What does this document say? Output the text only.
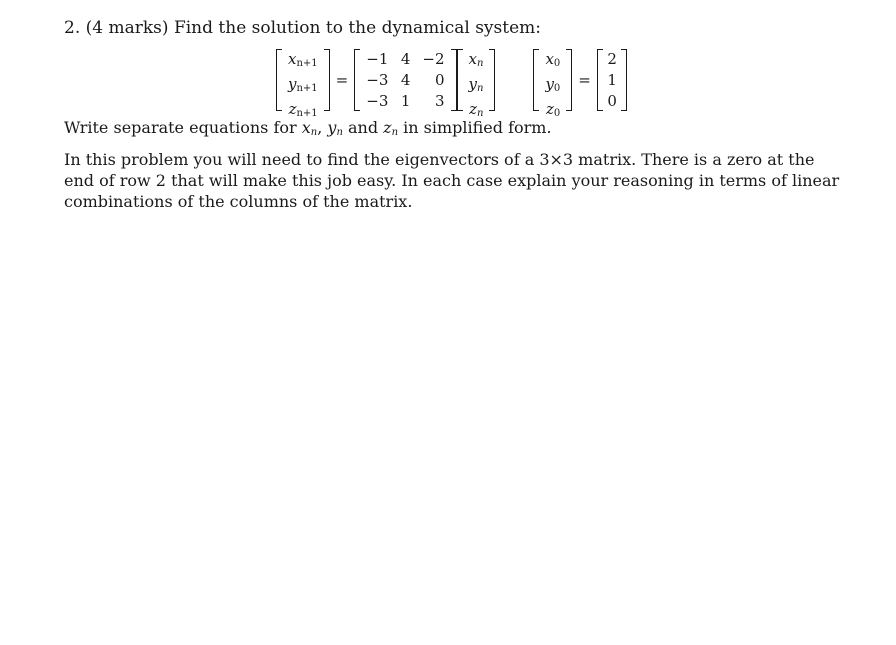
2. (4 marks) Find the solution to the dynamical system:
$x_{n+1}$
$y_{n+1}$
$z_{n+1}$
=
−1
−3
−3
4
4
1
−2
0
3
$x_n$
$y_n$
$z_n$
$x_0$
$y_0$
$z_0$
=
2
1
0
Write separate equations for $x_n$, $y_n$ and $z_n$ in simplified form.
In this problem you will need to find the eigenvectors of a 3×3 matrix. There is a zero at the end of row 2 that will make this job easy. In each case explain your reasoning in terms of linear combinations of the columns of the matrix.
